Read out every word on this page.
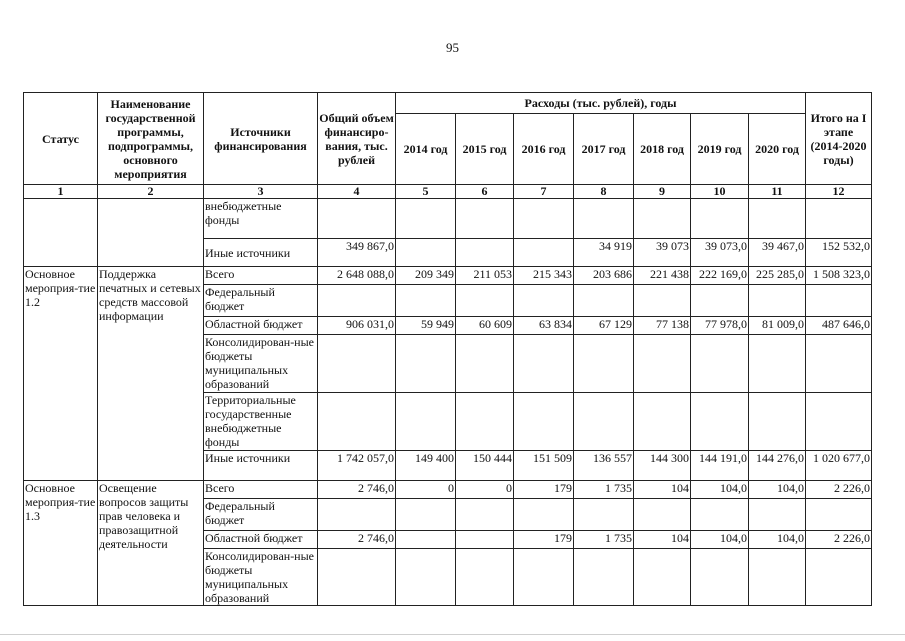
95
Статус	Наименование государственной программы, подпрограммы, основного мероприятия	Источники финансирования	Общий объем финансиро-вания, тыс. рублей	Расходы (тыс. рублей), годы							Итого на I этапе (2014-2020 годы)
				2014 год	2015 год	2016 год	2017 год	2018 год	2019 год	2020 год	
1	2	3	4	5	6	7	8	9	10	11	12
		внебюджетные фонды									
		Иные источники	349 867,0				34 919	39 073	39 073,0	39 467,0	152 532,0
Основное мероприя-тие 1.2	Поддержка печатных и сетевых средств массовой информации	Всего	2 648 088,0	209 349	211 053	215 343	203 686	221 438	222 169,0	225 285,0	1 508 323,0
		Федеральный бюджет									
		Областной бюджет	906 031,0	59 949	60 609	63 834	67 129	77 138	77 978,0	81 009,0	487 646,0
		Консолидирован-ные бюджеты муниципальных образований									
		Территориальные государственные внебюджетные фонды									
		Иные источники	1 742 057,0	149 400	150 444	151 509	136 557	144 300	144 191,0	144 276,0	1 020 677,0
Основное мероприя-тие 1.3	Освещение вопросов защиты прав человека и правозащитной деятельности	Всего	2 746,0	0	0	179	1 735	104	104,0	104,0	2 226,0
		Федеральный бюджет									
		Областной бюджет	2 746,0			179	1 735	104	104,0	104,0	2 226,0
		Консолидирован-ные бюджеты муниципальных образований									
